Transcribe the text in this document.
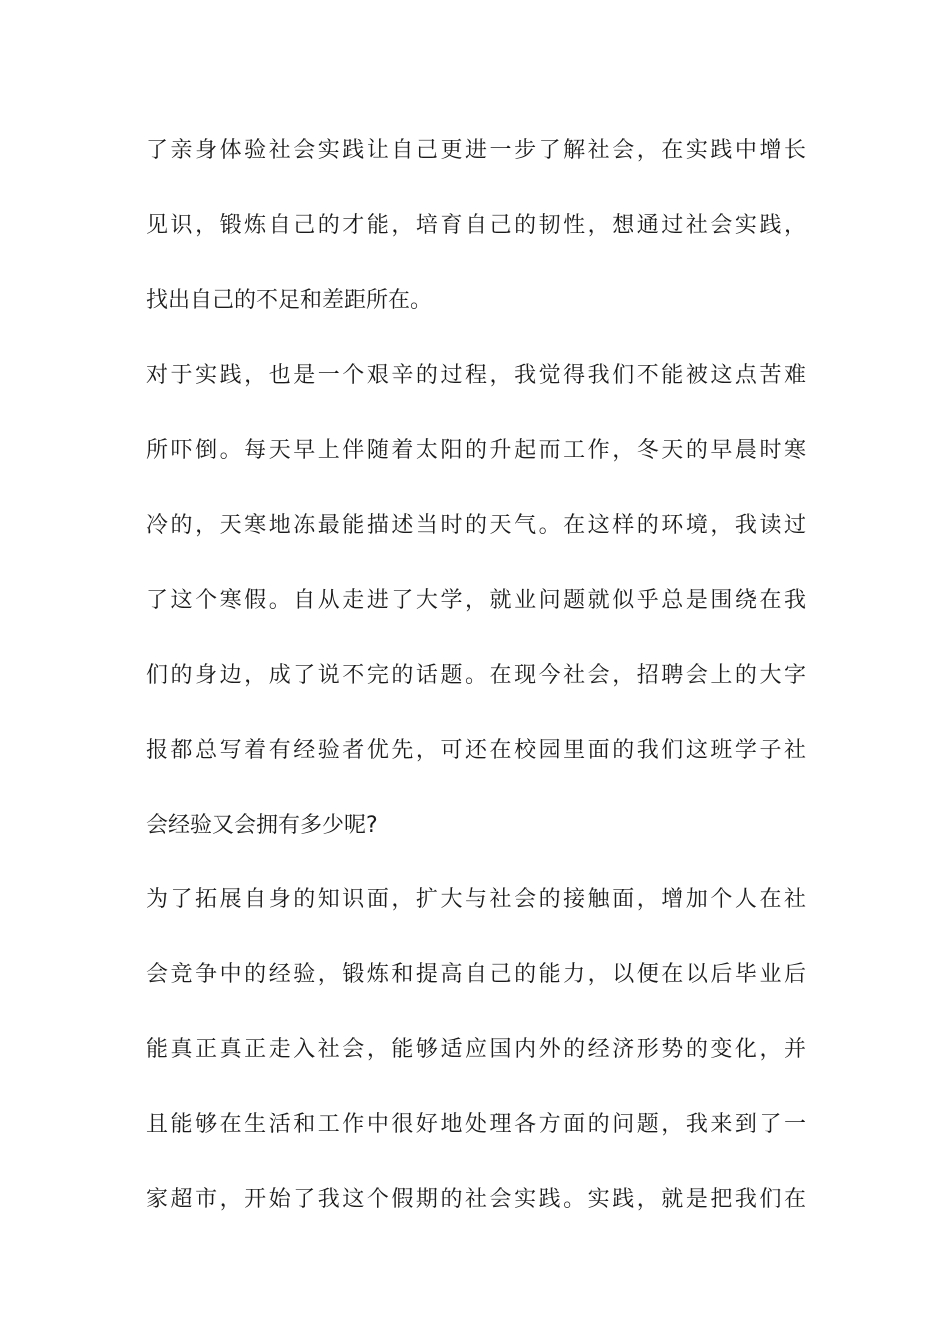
了亲身体验社会实践让自己更进一步了解社会，在实践中增长
见识，锻炼自己的才能，培育自己的韧性，想通过社会实践，
找出自己的不足和差距所在。
对于实践，也是一个艰辛的过程，我觉得我们不能被这点苦难
所吓倒。每天早上伴随着太阳的升起而工作，冬天的早晨时寒
冷的，天寒地冻最能描述当时的天气。在这样的环境，我读过
了这个寒假。自从走进了大学，就业问题就似乎总是围绕在我
们的身边，成了说不完的话题。在现今社会，招聘会上的大字
报都总写着有经验者优先，可还在校园里面的我们这班学子社
会经验又会拥有多少呢?
为了拓展自身的知识面，扩大与社会的接触面，增加个人在社
会竞争中的经验，锻炼和提高自己的能力，以便在以后毕业后
能真正真正走入社会，能够适应国内外的经济形势的变化，并
且能够在生活和工作中很好地处理各方面的问题，我来到了一
家超市，开始了我这个假期的社会实践。实践，就是把我们在
